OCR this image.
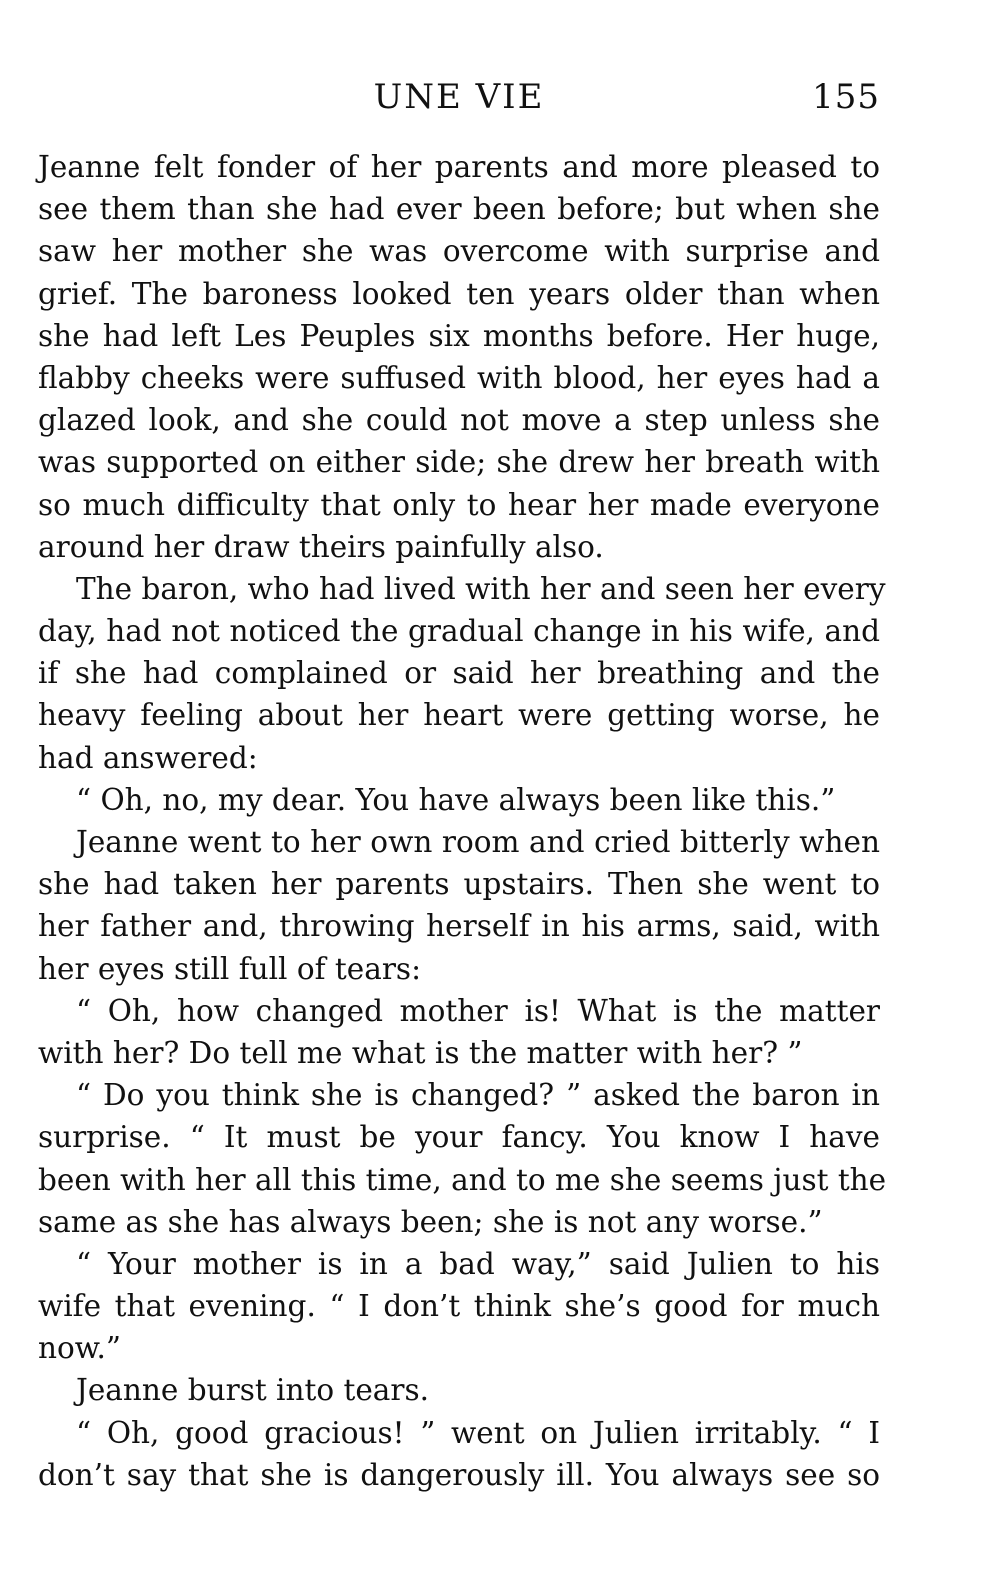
UNE VIE	155
Jeanne felt fonder of her parents and more pleased to
see them than she had ever been before; but when she
saw her mother she was overcome with surprise and
grief. The baroness looked ten years older than when
she had left Les Peuples six months before. Her huge,
flabby cheeks were suffused with blood, her eyes had a
glazed look, and she could not move a step unless she
was supported on either side; she drew her breath with
so much difficulty that only to hear her made everyone
around her draw theirs painfully also.
The baron, who had lived with her and seen her every
day, had not noticed the gradual change in his wife, and
if she had complained or said her breathing and the
heavy feeling about her heart were getting worse, he
had answered:
“ Oh, no, my dear. You have always been like this.”
Jeanne went to her own room and cried bitterly when
she had taken her parents upstairs. Then she went to
her father and, throwing herself in his arms, said, with
her eyes still full of tears:
“ Oh, how changed mother is! What is the matter
with her? Do tell me what is the matter with her? ”
“ Do you think she is changed? ” asked the baron in
surprise. “ It must be your fancy. You know I have
been with her all this time, and to me she seems just the
same as she has always been; she is not any worse.”
“ Your mother is in a bad way,” said Julien to his
wife that evening. “ I don’t think she’s good for much
now.”
Jeanne burst into tears.
“ Oh, good gracious! ” went on Julien irritably. “ I
don’t say that she is dangerously ill. You always see so
